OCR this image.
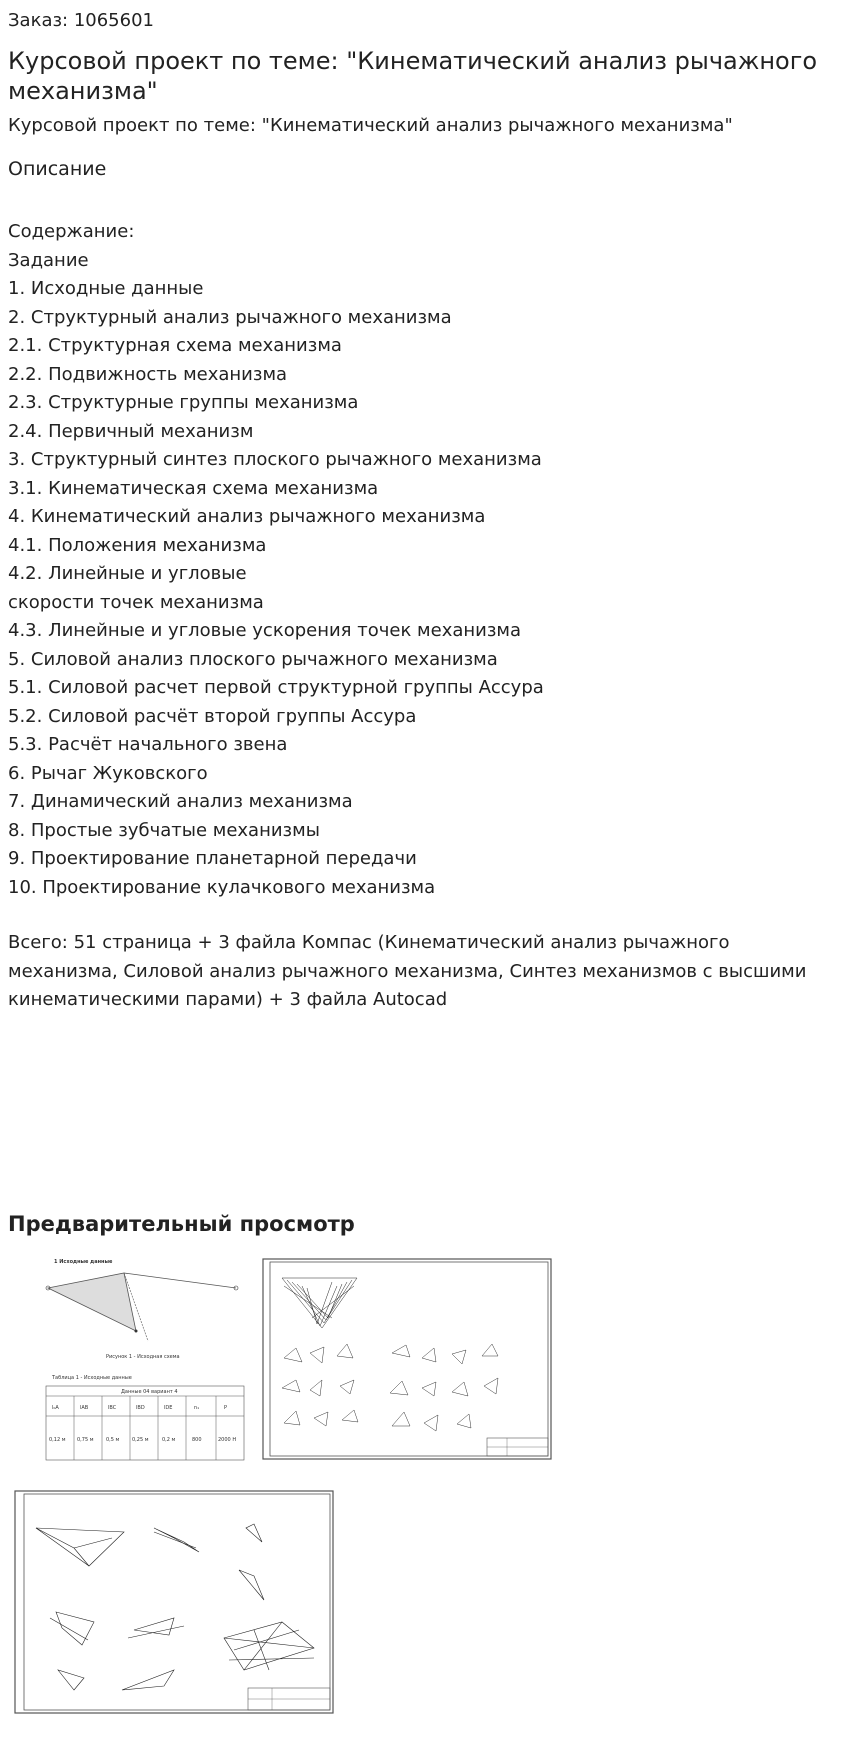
Заказ: 1065601
Курсовой проект по теме: "Кинематический анализ рычажного механизма"
Курсовой проект по теме: "Кинематический анализ рычажного механизма"
Описание
Содержание:
Задание
1. Исходные данные
2. Структурный анализ рычажного механизма
2.1. Структурная схема механизма
2.2. Подвижность механизма
2.3. Структурные группы механизма
2.4. Первичный механизм
3. Структурный синтез плоского рычажного механизма
3.1. Кинематическая схема механизма
4. Кинематический анализ рычажного механизма
4.1. Положения механизма
4.2. Линейные и угловые
скорости точек механизма
4.3. Линейные и угловые ускорения точек механизма
5. Силовой анализ плоского рычажного механизма
5.1. Силовой расчет первой структурной группы Ассура
5.2. Силовой расчёт второй группы Ассура
5.3. Расчёт начального звена
6. Рычаг Жуковского
7. Динамический анализ механизма
8. Простые зубчатые механизмы
9. Проектирование планетарной передачи
10. Проектирование кулачкового механизма
Всего: 51 страница + 3 файла Компас (Кинематический анализ рычажного механизма, Силовой анализ рычажного механизма, Синтез механизмов с высшими кинематическими парами) + 3 файла Autocad
Предварительный просмотр
1 Исходные данные
Рисунок 1 - Исходная схема
Таблица 1 - Исходные данные
Данные 04 вариант 4
l₀A	lAB	lBC	lBD	lDE	n₁	P
0,12 м 0,75 м	0,5 м	0,25 м	0,2 м	800	2000 Н
